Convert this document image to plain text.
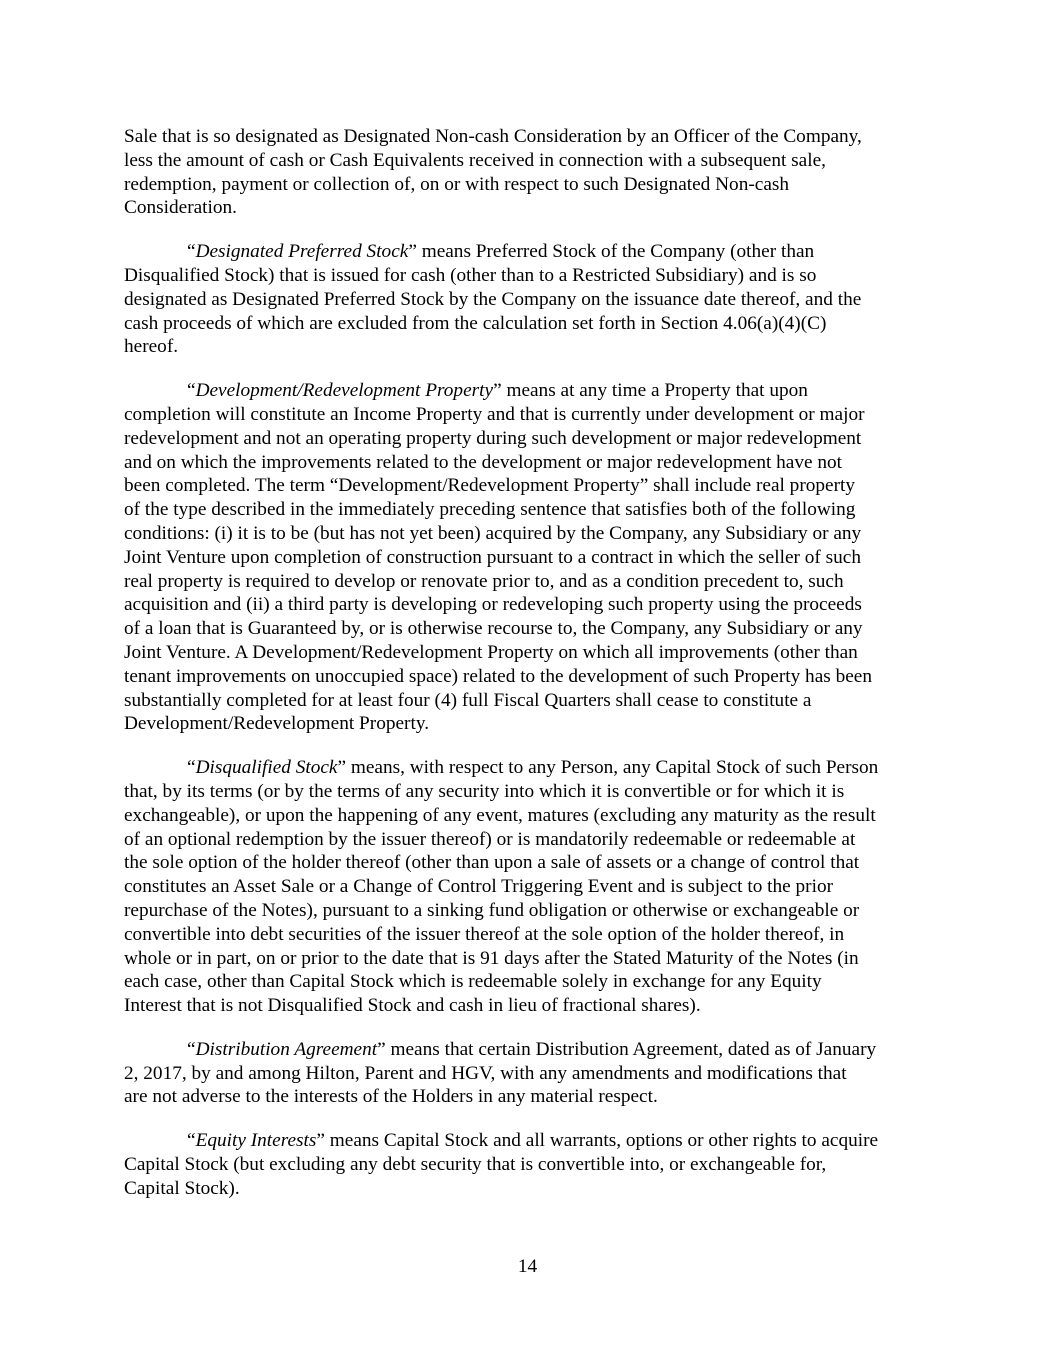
Sale that is so designated as Designated Non-cash Consideration by an Officer of the Company,
less the amount of cash or Cash Equivalents received in connection with a subsequent sale,
redemption, payment or collection of, on or with respect to such Designated Non-cash
Consideration.
“Designated Preferred Stock” means Preferred Stock of the Company (other than
Disqualified Stock) that is issued for cash (other than to a Restricted Subsidiary) and is so
designated as Designated Preferred Stock by the Company on the issuance date thereof, and the
cash proceeds of which are excluded from the calculation set forth in Section 4.06(a)(4)(C)
hereof.
“Development/Redevelopment Property” means at any time a Property that upon
completion will constitute an Income Property and that is currently under development or major
redevelopment and not an operating property during such development or major redevelopment
and on which the improvements related to the development or major redevelopment have not
been completed. The term “Development/Redevelopment Property” shall include real property
of the type described in the immediately preceding sentence that satisfies both of the following
conditions: (i) it is to be (but has not yet been) acquired by the Company, any Subsidiary or any
Joint Venture upon completion of construction pursuant to a contract in which the seller of such
real property is required to develop or renovate prior to, and as a condition precedent to, such
acquisition and (ii) a third party is developing or redeveloping such property using the proceeds
of a loan that is Guaranteed by, or is otherwise recourse to, the Company, any Subsidiary or any
Joint Venture. A Development/Redevelopment Property on which all improvements (other than
tenant improvements on unoccupied space) related to the development of such Property has been
substantially completed for at least four (4) full Fiscal Quarters shall cease to constitute a
Development/Redevelopment Property.
“Disqualified Stock” means, with respect to any Person, any Capital Stock of such Person
that, by its terms (or by the terms of any security into which it is convertible or for which it is
exchangeable), or upon the happening of any event, matures (excluding any maturity as the result
of an optional redemption by the issuer thereof) or is mandatorily redeemable or redeemable at
the sole option of the holder thereof (other than upon a sale of assets or a change of control that
constitutes an Asset Sale or a Change of Control Triggering Event and is subject to the prior
repurchase of the Notes), pursuant to a sinking fund obligation or otherwise or exchangeable or
convertible into debt securities of the issuer thereof at the sole option of the holder thereof, in
whole or in part, on or prior to the date that is 91 days after the Stated Maturity of the Notes (in
each case, other than Capital Stock which is redeemable solely in exchange for any Equity
Interest that is not Disqualified Stock and cash in lieu of fractional shares).
“Distribution Agreement” means that certain Distribution Agreement, dated as of January
2, 2017, by and among Hilton, Parent and HGV, with any amendments and modifications that
are not adverse to the interests of the Holders in any material respect.
“Equity Interests” means Capital Stock and all warrants, options or other rights to acquire
Capital Stock (but excluding any debt security that is convertible into, or exchangeable for,
Capital Stock).
14
